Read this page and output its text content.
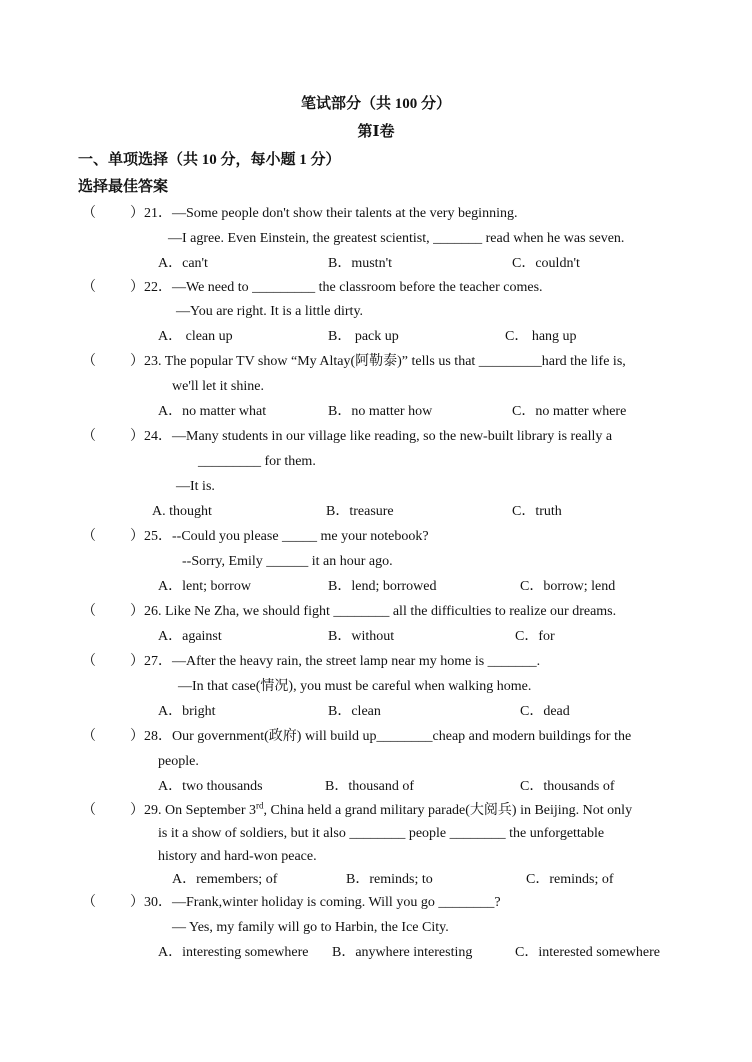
笔试部分（共 100 分）
第Ⅰ卷
一、单项选择（共 10 分，每小题 1 分）
选择最佳答案
（ ）21．—Some people don't show their talents at the very beginning.
—I agree. Even Einstein, the greatest scientist, _______ read when he was seven.
A．can't	B．mustn't	C．couldn't
（ ）22．—We need to _________ the classroom before the teacher comes.
—You are right. It is a little dirty.
A． clean up	B． pack up	C． hang up
（ ）23. The popular TV show “My Altay(阿勒泰)” tells us that _________hard the life is,
we'll let it shine.
A．no matter what	B．no matter how	C．no matter where
（ ）24．—Many students in our village like reading, so the new-built library is really a
_________ for them.
—It is.
A. thought	B．treasure	C．truth
（ ）25．--Could you please _____ me your notebook?
--Sorry, Emily ______ it an hour ago.
A．lent; borrow	B．lend; borrowed	C．borrow; lend
（ ）26. Like Ne Zha, we should fight ________ all the difficulties to realize our dreams.
A．against	B．without	C．for
（ ）27．—After the heavy rain, the street lamp near my home is _______.
—In that case(情况), you must be careful when walking home.
A．bright	B．clean	C．dead
（ ）28．Our government(政府) will build up________cheap and modern buildings for the
people.
A．two thousands	B．thousand of	C．thousands of
（ ）29. On September 3rd, China held a grand military parade(大阅兵) in Beijing. Not only
is it a show of soldiers, but it also ________ people ________ the unforgettable
history and hard-won peace.
A．remembers; of	B．reminds; to	C．reminds; of
（ ）30．—Frank,winter holiday is coming. Will you go ________?
— Yes, my family will go to Harbin, the Ice City.
A．interesting somewhere B．anywhere interesting	C．interested somewhere
